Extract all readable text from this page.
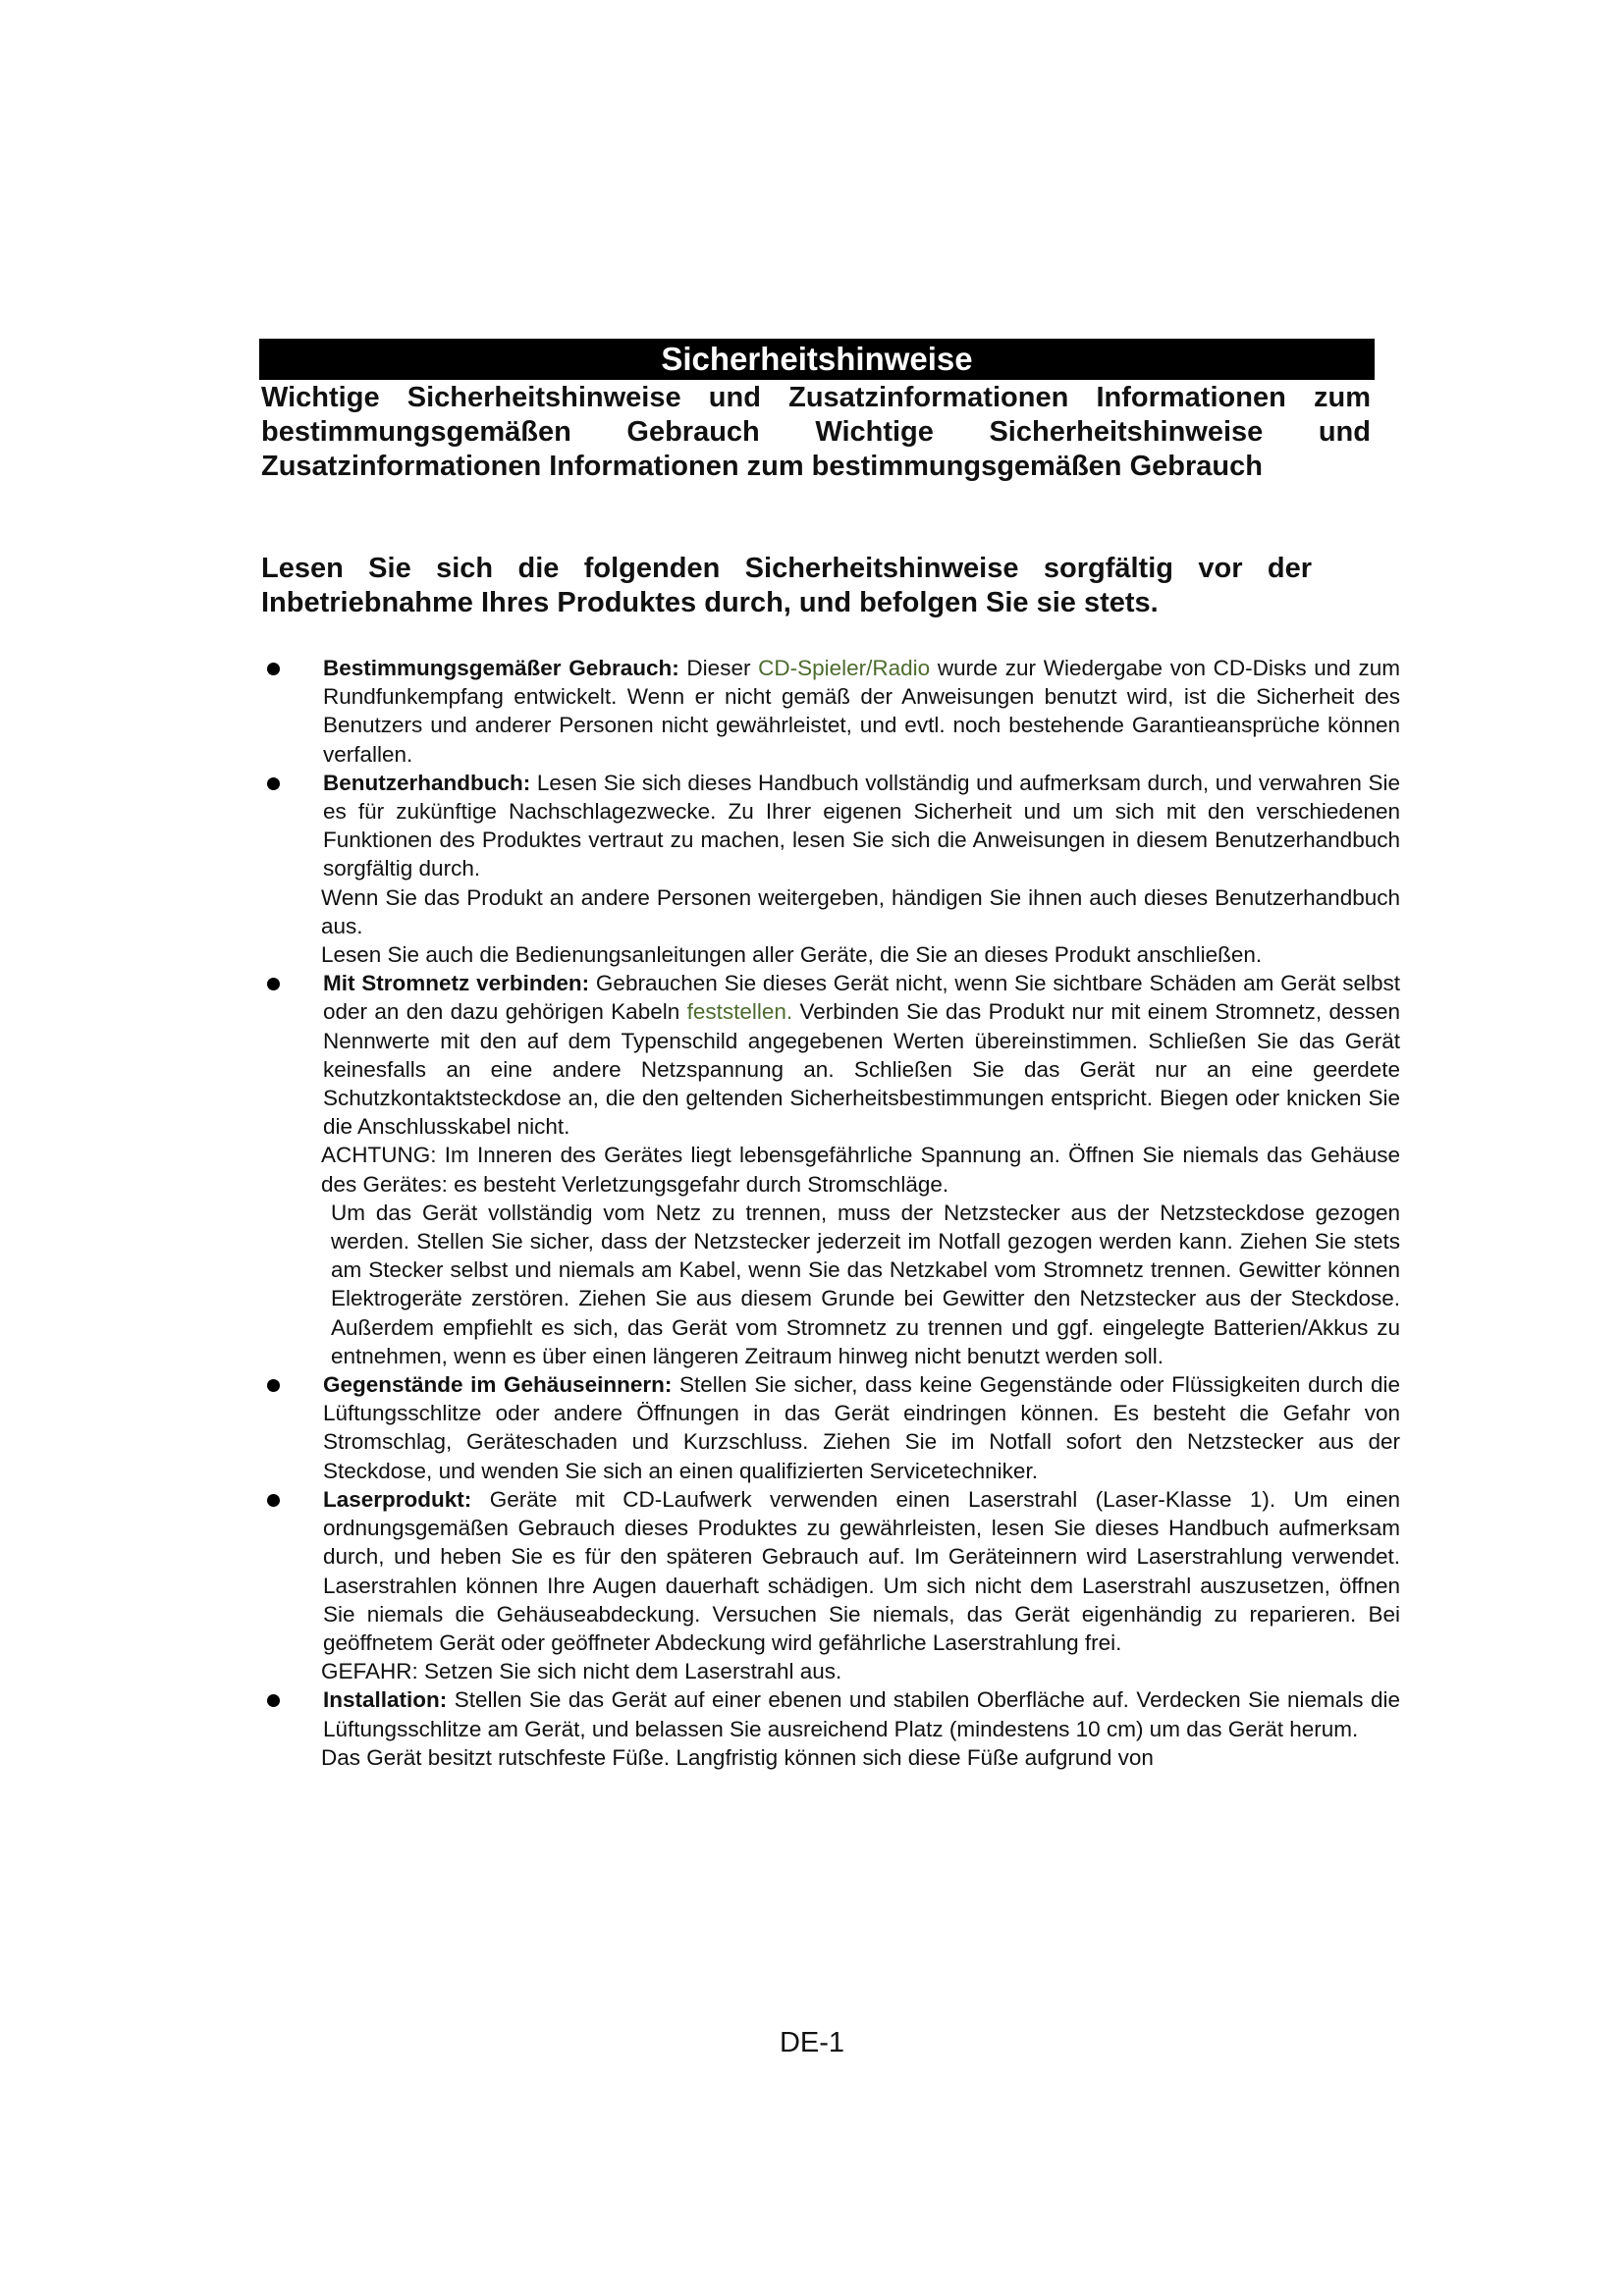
Sicherheitshinweise

Wichtige Sicherheitshinweise und Zusatzinformationen Informationen zum bestimmungsgemäßen Gebrauch Wichtige Sicherheitshinweise und Zusatzinformationen Informationen zum bestimmungsgemäßen Gebrauch

Lesen Sie sich die folgenden Sicherheitshinweise sorgfältig vor der Inbetriebnahme Ihres Produktes durch, und befolgen Sie sie stets.

Bestimmungsgemäßer Gebrauch: Dieser CD-Spieler/Radio wurde zur Wiedergabe von CD-Disks und zum Rundfunkempfang entwickelt. Wenn er nicht gemäß der Anweisungen benutzt wird, ist die Sicherheit des Benutzers und anderer Personen nicht gewährleistet, und evtl. noch bestehende Garantieansprüche können verfallen.

Benutzerhandbuch: Lesen Sie sich dieses Handbuch vollständig und aufmerksam durch, und verwahren Sie es für zukünftige Nachschlagezwecke. Zu Ihrer eigenen Sicherheit und um sich mit den verschiedenen Funktionen des Produktes vertraut zu machen, lesen Sie sich die Anweisungen in diesem Benutzerhandbuch sorgfältig durch.

Wenn Sie das Produkt an andere Personen weitergeben, händigen Sie ihnen auch dieses Benutzerhandbuch aus.

Lesen Sie auch die Bedienungsanleitungen aller Geräte, die Sie an dieses Produkt anschließen.

Mit Stromnetz verbinden: Gebrauchen Sie dieses Gerät nicht, wenn Sie sichtbare Schäden am Gerät selbst oder an den dazu gehörigen Kabeln feststellen. Verbinden Sie das Produkt nur mit einem Stromnetz, dessen Nennwerte mit den auf dem Typenschild angegebenen Werten übereinstimmen. Schließen Sie das Gerät keinesfalls an eine andere Netzspannung an. Schließen Sie das Gerät nur an eine geerdete Schutzkontaktsteckdose an, die den geltenden Sicherheitsbestimmungen entspricht. Biegen oder knicken Sie die Anschlusskabel nicht.

ACHTUNG: Im Inneren des Gerätes liegt lebensgefährliche Spannung an. Öffnen Sie niemals das Gehäuse des Gerätes: es besteht Verletzungsgefahr durch Stromschläge.

Um das Gerät vollständig vom Netz zu trennen, muss der Netzstecker aus der Netzsteckdose gezogen werden. Stellen Sie sicher, dass der Netzstecker jederzeit im Notfall gezogen werden kann. Ziehen Sie stets am Stecker selbst und niemals am Kabel, wenn Sie das Netzkabel vom Stromnetz trennen. Gewitter können Elektrogeräte zerstören. Ziehen Sie aus diesem Grunde bei Gewitter den Netzstecker aus der Steckdose. Außerdem empfiehlt es sich, das Gerät vom Stromnetz zu trennen und ggf. eingelegte Batterien/Akkus zu entnehmen, wenn es über einen längeren Zeitraum hinweg nicht benutzt werden soll.

Gegenstände im Gehäuseinnern: Stellen Sie sicher, dass keine Gegenstände oder Flüssigkeiten durch die Lüftungsschlitze oder andere Öffnungen in das Gerät eindringen können. Es besteht die Gefahr von Stromschlag, Geräteschaden und Kurzschluss. Ziehen Sie im Notfall sofort den Netzstecker aus der Steckdose, und wenden Sie sich an einen qualifizierten Servicetechniker.

Laserprodukt: Geräte mit CD-Laufwerk verwenden einen Laserstrahl (Laser-Klasse 1). Um einen ordnungsgemäßen Gebrauch dieses Produktes zu gewährleisten, lesen Sie dieses Handbuch aufmerksam durch, und heben Sie es für den späteren Gebrauch auf. Im Geräteinnern wird Laserstrahlung verwendet. Laserstrahlen können Ihre Augen dauerhaft schädigen. Um sich nicht dem Laserstrahl auszusetzen, öffnen Sie niemals die Gehäuseabdeckung. Versuchen Sie niemals, das Gerät eigenhändig zu reparieren. Bei geöffnetem Gerät oder geöffneter Abdeckung wird gefährliche Laserstrahlung frei.

GEFAHR: Setzen Sie sich nicht dem Laserstrahl aus.

Installation: Stellen Sie das Gerät auf einer ebenen und stabilen Oberfläche auf. Verdecken Sie niemals die Lüftungsschlitze am Gerät, und belassen Sie ausreichend Platz (mindestens 10 cm) um das Gerät herum.

Das Gerät besitzt rutschfeste Füße. Langfristig können sich diese Füße aufgrund von

DE-1
